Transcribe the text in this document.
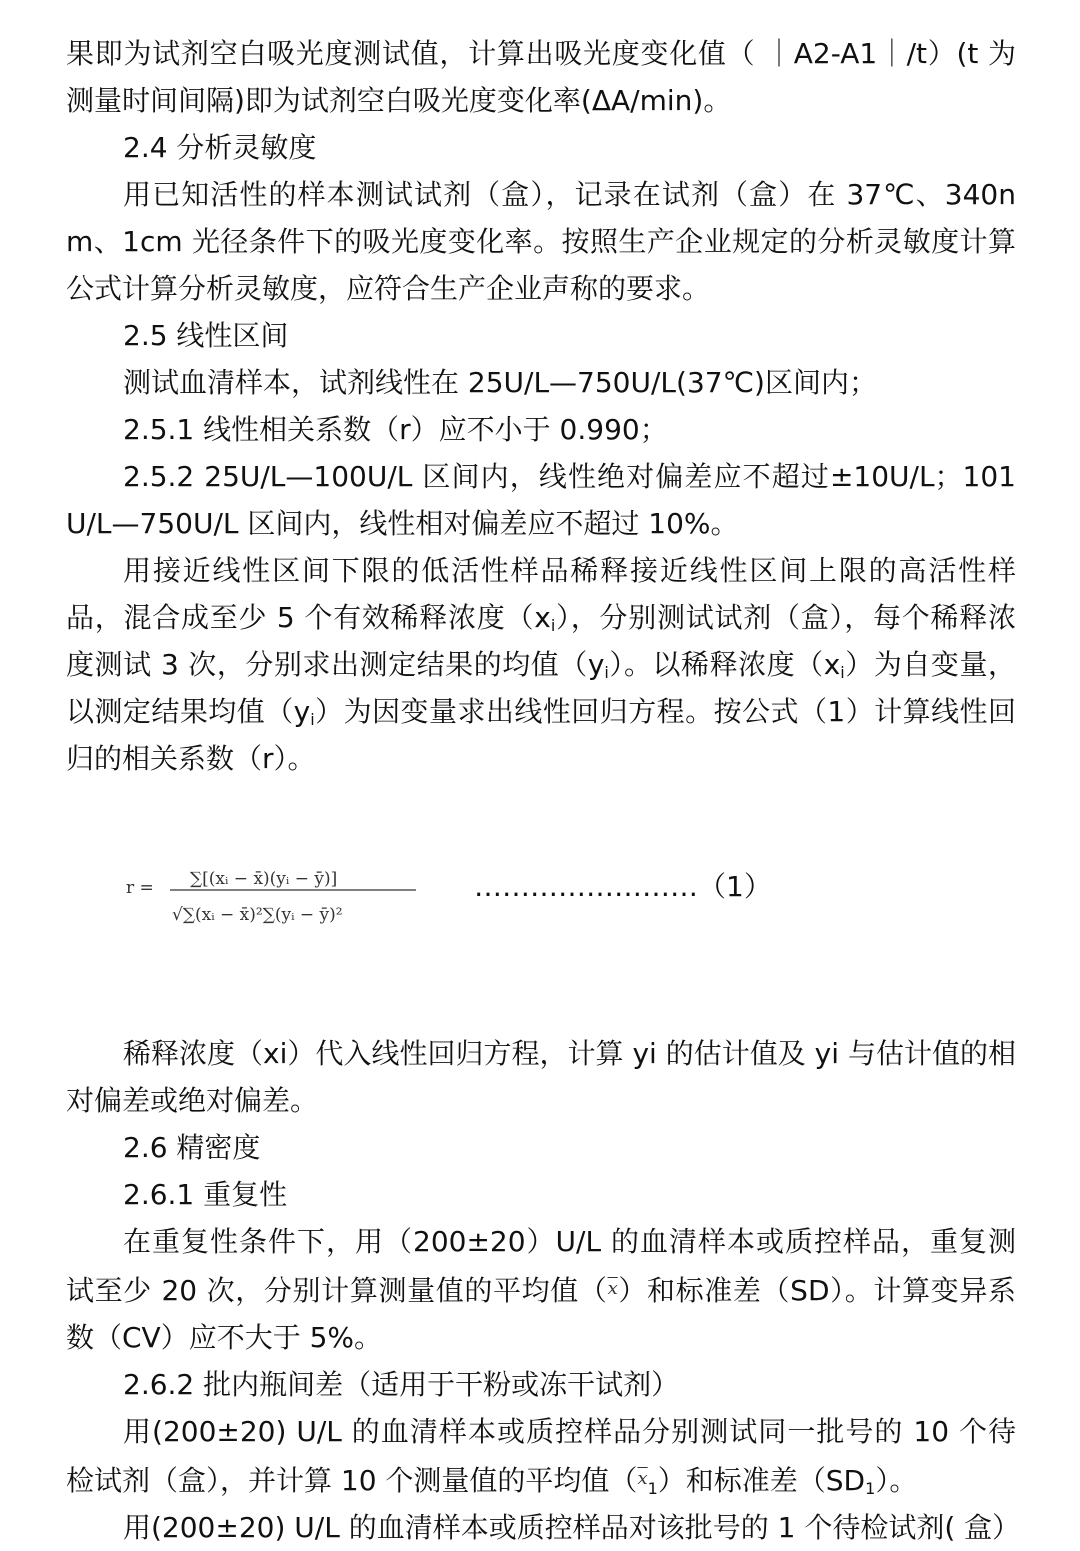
果即为试剂空白吸光度测试值，计算出吸光度变化值（ ｜A2-A1｜/t）(t 为测量时间间隔)即为试剂空白吸光度变化率(ΔA/min)。

2.4 分析灵敏度

用已知活性的样本测试试剂（盒），记录在试剂（盒）在 37℃、340nm、1cm 光径条件下的吸光度变化率。按照生产企业规定的分析灵敏度计算公式计算分析灵敏度，应符合生产企业声称的要求。

2.5 线性区间

测试血清样本，试剂线性在 25U/L—750U/L(37℃)区间内；

2.5.1 线性相关系数（r）应不小于 0.990；

2.5.2 25U/L—100U/L 区间内，线性绝对偏差应不超过±10U/L；101U/L—750U/L 区间内，线性相对偏差应不超过 10%。

用接近线性区间下限的低活性样品稀释接近线性区间上限的高活性样品，混合成至少 5 个有效稀释浓度$(x_i)$，分别测试试剂（盒），每个稀释浓度测试 3 次，分别求出测定结果的均值$(y_i)$。以稀释浓度$(x_i)$为自变量，以测定结果均值$(y_i)$为因变量求出线性回归方程。按公式（1）计算线性回归的相关系数（r）。

r = ∑[(xᵢ − x̄)(yᵢ − ȳ)]
√∑(xᵢ − x̄)²∑(yᵢ − ȳ)²
……………………（1）

稀释浓度（xi）代入线性回归方程，计算 yi 的估计值及 yi 与估计值的相对偏差或绝对偏差。

2.6 精密度

2.6.1 重复性

在重复性条件下，用（200±20）U/L 的血清样本或质控样品，重复测试至少 20 次，分别计算测量值的平均值（$^{\overline{x}}$）和标准差（SD）。计算变异系数（CV）应不大于 5%。

2.6.2 批内瓶间差（适用于干粉或冻干试剂）

用(200±20) U/L 的血清样本或质控样品分别测试同一批号的 10 个待检试剂（盒），并计算 10 个测量值的平均值（$^{\overline{x}}_1$）和标准差$(SD_1)$。

用(200±20) U/L 的血清样本或质控样品对该批号的 1 个待检试剂( 盒）
